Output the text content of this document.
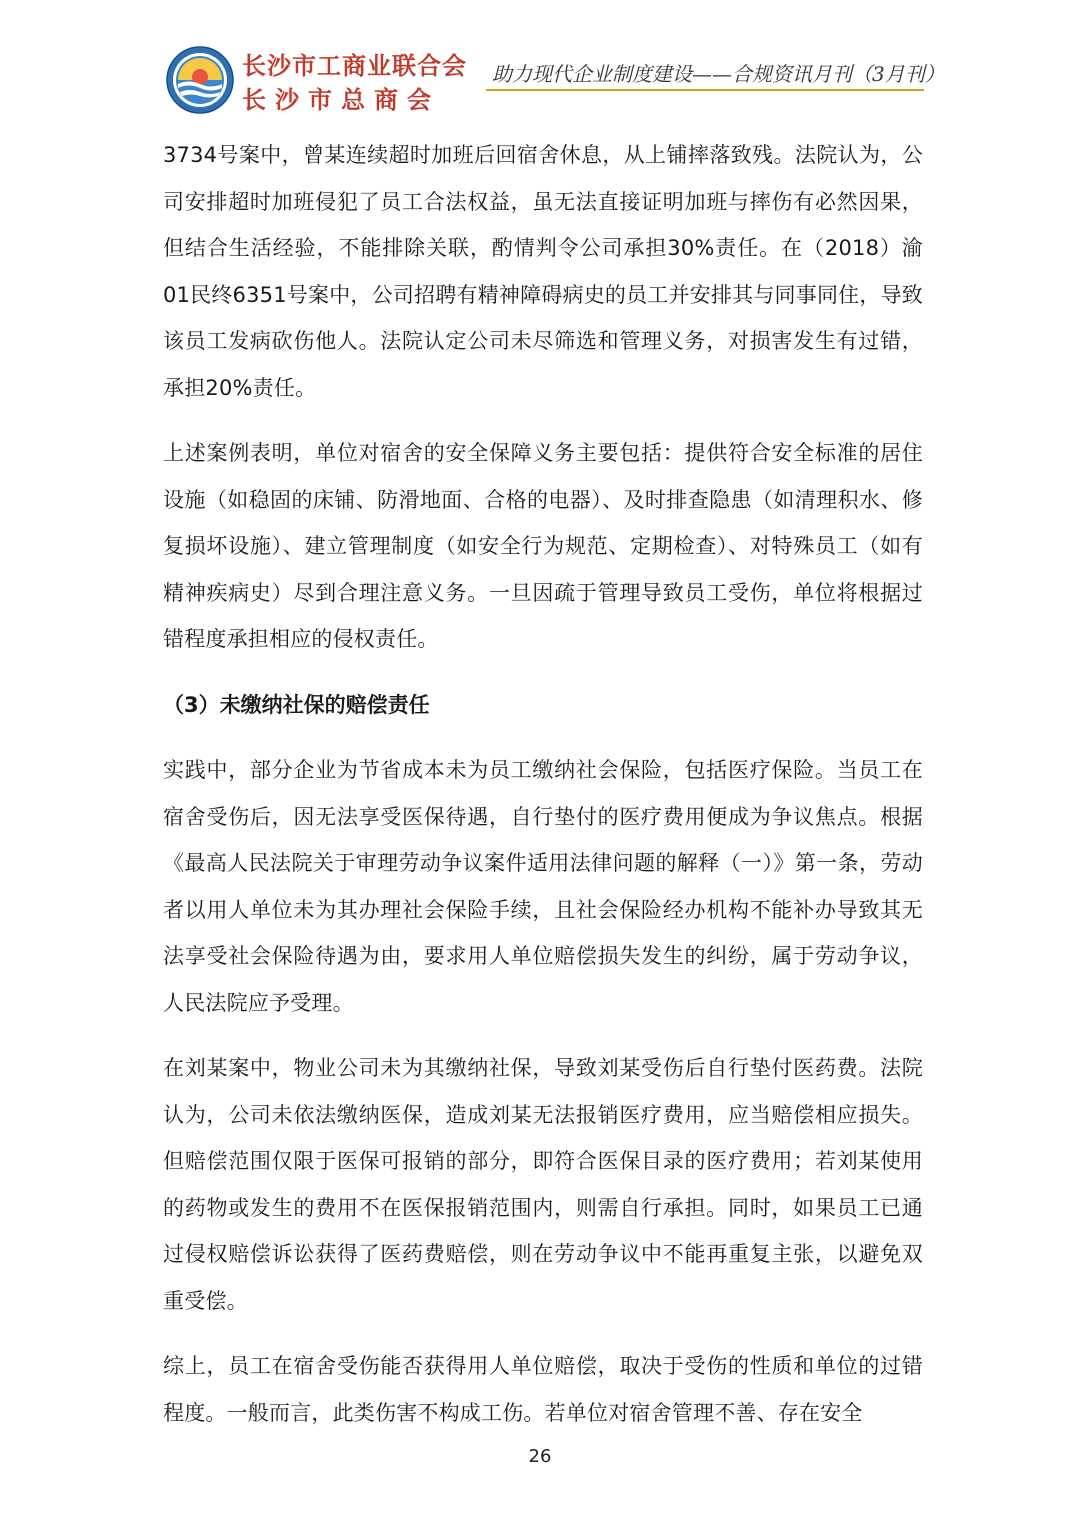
长沙市工商业联合会
长沙市总商会
助力现代企业制度建设——合规资讯月刊（3月刊）

3734号案中，曾某连续超时加班后回宿舍休息，从上铺摔落致残。法院认为，公司安排超时加班侵犯了员工合法权益，虽无法直接证明加班与摔伤有必然因果，但结合生活经验，不能排除关联，酌情判令公司承担30%责任。在（2018）渝01民终6351号案中，公司招聘有精神障碍病史的员工并安排其与同事同住，导致该员工发病砍伤他人。法院认定公司未尽筛选和管理义务，对损害发生有过错，承担20%责任。

上述案例表明，单位对宿舍的安全保障义务主要包括：提供符合安全标准的居住设施（如稳固的床铺、防滑地面、合格的电器）、及时排查隐患（如清理积水、修复损坏设施）、建立管理制度（如安全行为规范、定期检查）、对特殊员工（如有精神疾病史）尽到合理注意义务。一旦因疏于管理导致员工受伤，单位将根据过错程度承担相应的侵权责任。

（3）未缴纳社保的赔偿责任

实践中，部分企业为节省成本未为员工缴纳社会保险，包括医疗保险。当员工在宿舍受伤后，因无法享受医保待遇，自行垫付的医疗费用便成为争议焦点。根据《最高人民法院关于审理劳动争议案件适用法律问题的解释（一）》第一条，劳动者以用人单位未为其办理社会保险手续，且社会保险经办机构不能补办导致其无法享受社会保险待遇为由，要求用人单位赔偿损失发生的纠纷，属于劳动争议，人民法院应予受理。

在刘某案中，物业公司未为其缴纳社保，导致刘某受伤后自行垫付医药费。法院认为，公司未依法缴纳医保，造成刘某无法报销医疗费用，应当赔偿相应损失。但赔偿范围仅限于医保可报销的部分，即符合医保目录的医疗费用；若刘某使用的药物或发生的费用不在医保报销范围内，则需自行承担。同时，如果员工已通过侵权赔偿诉讼获得了医药费赔偿，则在劳动争议中不能再重复主张，以避免双重受偿。

综上，员工在宿舍受伤能否获得用人单位赔偿，取决于受伤的性质和单位的过错程度。一般而言，此类伤害不构成工伤。若单位对宿舍管理不善、存在安全

26
